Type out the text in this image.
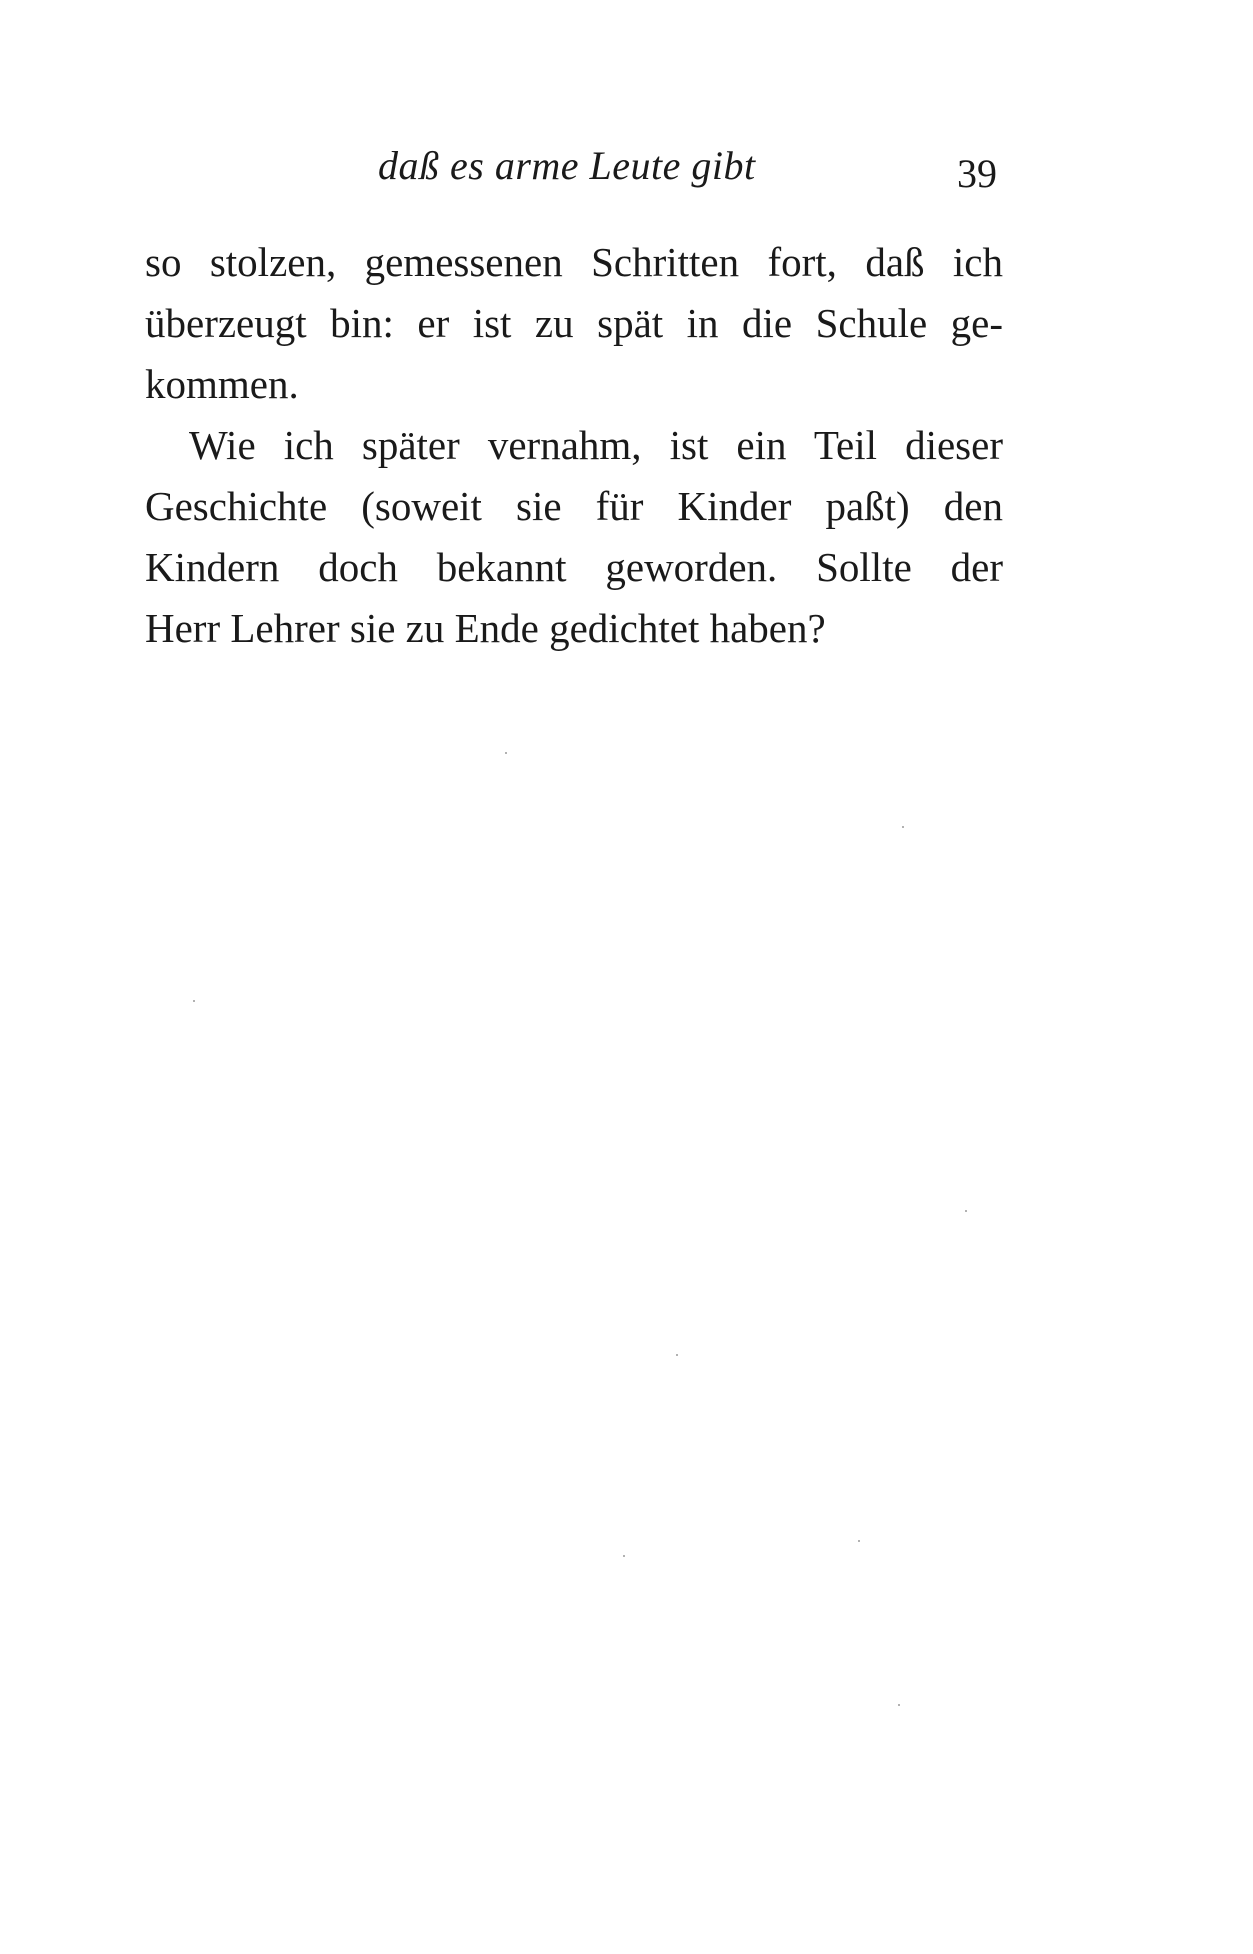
daß es arme Leute gibt	39
so stolzen, gemessenen Schritten fort, daß ich
überzeugt bin: er ist zu spät in die Schule ge-
kommen.
Wie ich später vernahm, ist ein Teil dieser
Geschichte (soweit sie für Kinder paßt) den
Kindern doch bekannt geworden. Sollte der
Herr Lehrer sie zu Ende gedichtet haben?
